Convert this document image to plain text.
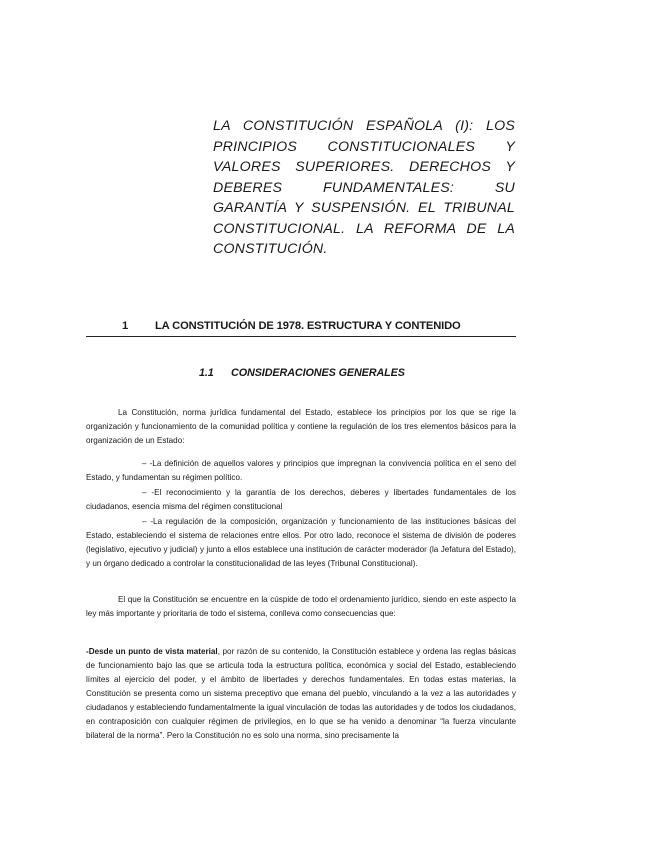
LA CONSTITUCIÓN ESPAÑOLA (I): LOS PRINCIPIOS CONSTITUCIONALES Y VALORES SUPERIORES. DERECHOS Y DEBERES FUNDAMENTALES: SU GARANTÍA Y SUSPENSIÓN. EL TRIBUNAL CONSTITUCIONAL. LA REFORMA DE LA CONSTITUCIÓN.
1 LA CONSTITUCIÓN DE 1978. ESTRUCTURA Y CONTENIDO
1.1 CONSIDERACIONES GENERALES

La Constitución, norma jurídica fundamental del Estado, establece los principios por los que se rige la organización y funcionamiento de la comunidad política y contiene la regulación de los tres elementos básicos para la organización de un Estado:

– -La definición de aquellos valores y principios que impregnan la convivencia política en el seno del Estado, y fundamentan su régimen político.

– -El reconocimiento y la garantía de los derechos, deberes y libertades fundamentales de los ciudadanos, esencia misma del régimen constitucional

– -La regulación de la composición, organización y funcionamiento de las instituciones básicas del Estado, estableciendo el sistema de relaciones entre ellos. Por otro lado, reconoce el sistema de división de poderes (legislativo, ejecutivo y judicial) y junto a ellos establece una institución de carácter moderador (la Jefatura del Estado), y un órgano dedicado a controlar la constitucionalidad de las leyes (Tribunal Constitucional).

El que la Constitución se encuentre en la cúspide de todo el ordenamiento jurídico, siendo en este aspecto la ley más importante y prioritaria de todo el sistema, conlleva como consecuencias que:

-Desde un punto de vista material, por razón de su contenido, la Constitución establece y ordena las reglas básicas de funcionamiento bajo las que se articula toda la estructura política, económica y social del Estado, estableciendo límites al ejercicio del poder, y el ámbito de libertades y derechos fundamentales. En todas estas materias, la Constitución se presenta como un sistema preceptivo que emana del pueblo, vinculando a la vez a las autoridades y ciudadanos y estableciendo fundamentalmente la igual vinculación de todas las autoridades y de todos los ciudadanos, en contraposición con cualquier régimen de privilegios, en lo que se ha venido a denominar “la fuerza vinculante bilateral de la norma”. Pero la Constitución no es solo una norma, sino precisamente la
